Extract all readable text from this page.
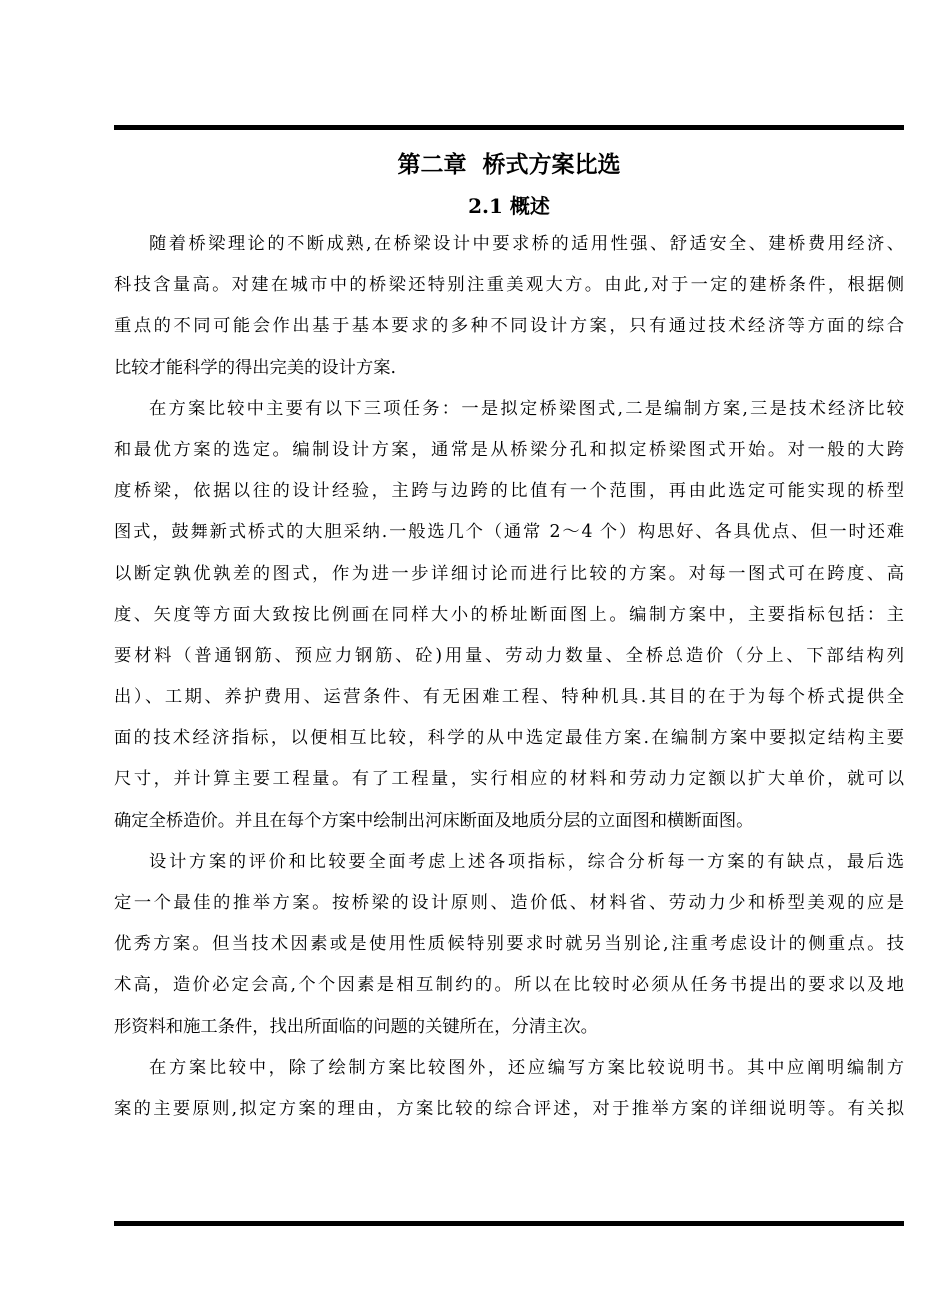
第二章  桥式方案比选
2.1 概述
随着桥梁理论的不断成熟,在桥梁设计中要求桥的适用性强、舒适安全、建桥费用经济、
科技含量高。对建在城市中的桥梁还特别注重美观大方。由此,对于一定的建桥条件，根据侧
重点的不同可能会作出基于基本要求的多种不同设计方案，只有通过技术经济等方面的综合
比较才能科学的得出完美的设计方案.
在方案比较中主要有以下三项任务：一是拟定桥梁图式,二是编制方案,三是技术经济比较
和最优方案的选定。编制设计方案，通常是从桥梁分孔和拟定桥梁图式开始。对一般的大跨
度桥梁，依据以往的设计经验，主跨与边跨的比值有一个范围，再由此选定可能实现的桥型
图式，鼓舞新式桥式的大胆采纳.一般选几个（通常 2～4 个）构思好、各具优点、但一时还难
以断定孰优孰差的图式，作为进一步详细讨论而进行比较的方案。对每一图式可在跨度、高
度、矢度等方面大致按比例画在同样大小的桥址断面图上。编制方案中，主要指标包括：主
要材料（普通钢筋、预应力钢筋、砼)用量、劳动力数量、全桥总造价（分上、下部结构列
出）、工期、养护费用、运营条件、有无困难工程、特种机具.其目的在于为每个桥式提供全
面的技术经济指标，以便相互比较，科学的从中选定最佳方案.在编制方案中要拟定结构主要
尺寸，并计算主要工程量。有了工程量，实行相应的材料和劳动力定额以扩大单价，就可以
确定全桥造价。并且在每个方案中绘制出河床断面及地质分层的立面图和横断面图。
设计方案的评价和比较要全面考虑上述各项指标，综合分析每一方案的有缺点，最后选
定一个最佳的推举方案。按桥梁的设计原则、造价低、材料省、劳动力少和桥型美观的应是
优秀方案。但当技术因素或是使用性质候特别要求时就另当别论,注重考虑设计的侧重点。技
术高，造价必定会高,个个因素是相互制约的。所以在比较时必须从任务书提出的要求以及地
形资料和施工条件，找出所面临的问题的关键所在，分清主次。
在方案比较中，除了绘制方案比较图外，还应编写方案比较说明书。其中应阐明编制方
案的主要原则,拟定方案的理由，方案比较的综合评述，对于推举方案的详细说明等。有关拟
